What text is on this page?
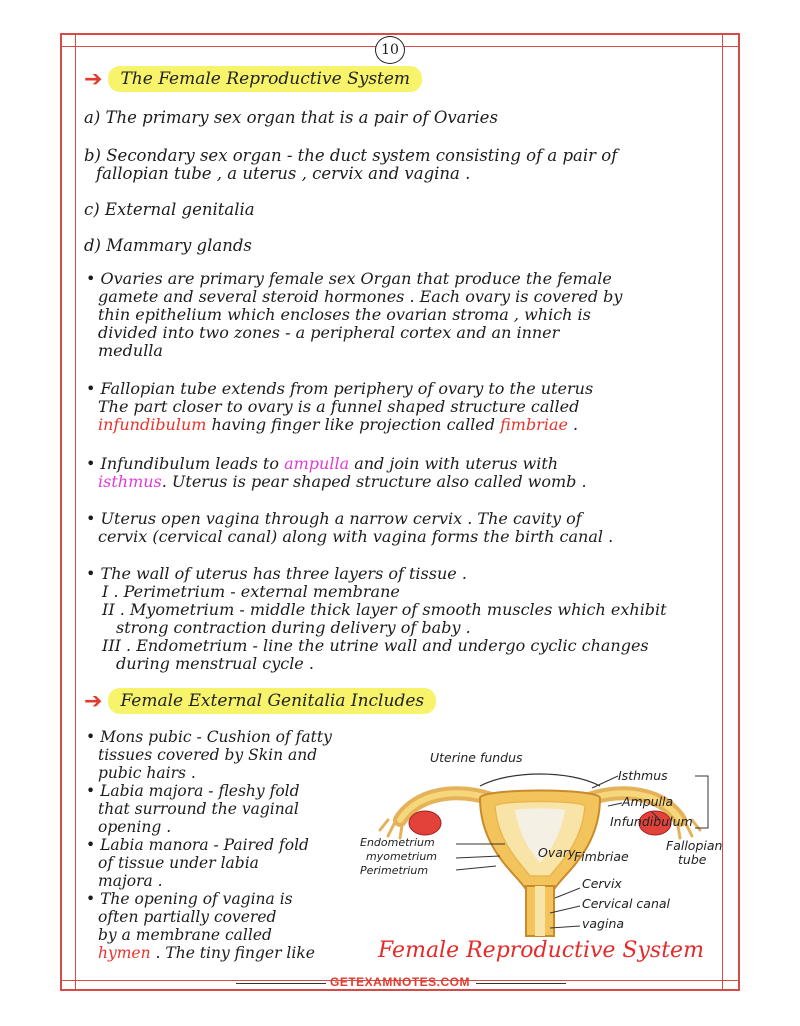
10
➔	The Female Reproductive System
a) The primary sex organ that is a pair of Ovaries
b) Secondary sex organ - the duct system consisting of a pair of
fallopian tube , a uterus , cervix and vagina .
c) External genitalia
d) Mammary glands
• Ovaries are primary female sex Organ that produce the female
gamete and several steroid hormones . Each ovary is covered by
thin epithelium which encloses the ovarian stroma , which is
divided into two zones - a peripheral cortex and an inner
medulla
• Fallopian tube extends from periphery of ovary to the uterus
The part closer to ovary is a funnel shaped structure called
infundibulum having finger like projection called fimbriae .
• Infundibulum leads to ampulla and join with uterus with
isthmus. Uterus is pear shaped structure also called womb .
• Uterus open vagina through a narrow cervix . The cavity of
cervix (cervical canal) along with vagina forms the birth canal .
• The wall of uterus has three layers of tissue .
I . Perimetrium - external membrane
II . Myometrium - middle thick layer of smooth muscles which exhibit
strong contraction during delivery of baby .
III . Endometrium - line the utrine wall and undergo cyclic changes
during menstrual cycle .
➔	Female External Genitalia Includes
• Mons pubic - Cushion of fatty
tissues covered by Skin and
pubic hairs .
• Labia majora - fleshy fold
that surround the vaginal
opening .
• Labia manora - Paired fold
of tissue under labia
majora .
• The opening of vagina is
often partially covered
by a membrane called
hymen . The tiny finger like
Uterine fundus
Isthmus
Ampulla
Infundibulum
Fallopian
tube
Ovary
Fimbriae
Endometrium
myometrium
Perimetrium
Cervix
Cervical canal
vagina
Female Reproductive System
GETEXAMNOTES.COM
